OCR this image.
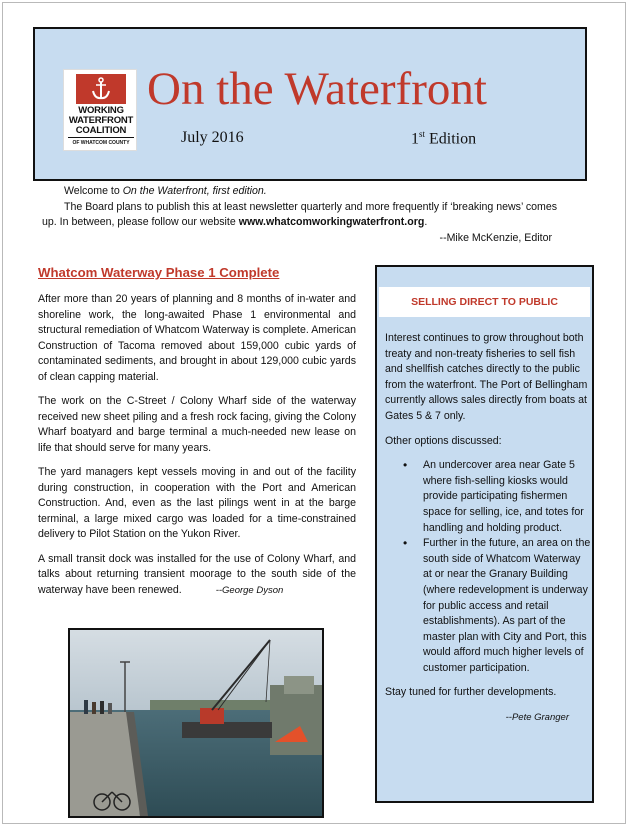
WORKING
WATERFRONT
COALITION
OF WHATCOM COUNTY
On the Waterfront
July 2016	1st Edition

Welcome to On the Waterfront, first edition.

The Board plans to publish this at least newsletter quarterly and more frequently if ‘breaking news’ comes up. In between, please follow our website www.whatcomworkingwaterfront.org.

--Mike McKenzie, Editor

Whatcom Waterway Phase 1 Complete

After more than 20 years of planning and 8 months of in-water and shoreline work, the long-awaited Phase 1 environmental and structural remediation of Whatcom Waterway is complete. American Construction of Tacoma removed about 159,000 cubic yards of contaminated sediments, and brought in about 129,000 cubic yards of clean capping material.

The work on the C-Street / Colony Wharf side of the waterway received new sheet piling and a fresh rock facing, giving the Colony Wharf boatyard and barge terminal a much-needed new lease on life that should serve for many years.

The yard managers kept vessels moving in and out of the facility during construction, in cooperation with the Port and American Construction. And, even as the last pilings went in at the barge terminal, a large mixed cargo was loaded for a time-constrained delivery to Pilot Station on the Yukon River.

A small transit dock was installed for the use of Colony Wharf, and talks about returning transient moorage to the south side of the waterway have been renewed.	--George Dyson

SELLING DIRECT TO PUBLIC

Interest continues to grow throughout both treaty and non-treaty fisheries to sell fish and shellfish catches directly to the public from the waterfront. The Port of Bellingham currently allows sales directly from boats at Gates 5 & 7 only.

Other options discussed:

• An undercover area near Gate 5 where fish-selling kiosks would provide participating fishermen space for selling, ice, and totes for handling and holding product.
• Further in the future, an area on the south side of Whatcom Waterway at or near the Granary Building (where redevelopment is underway for public access and retail establishments). As part of the master plan with City and Port, this would afford much higher levels of customer participation.

Stay tuned for further developments.

--Pete Granger
